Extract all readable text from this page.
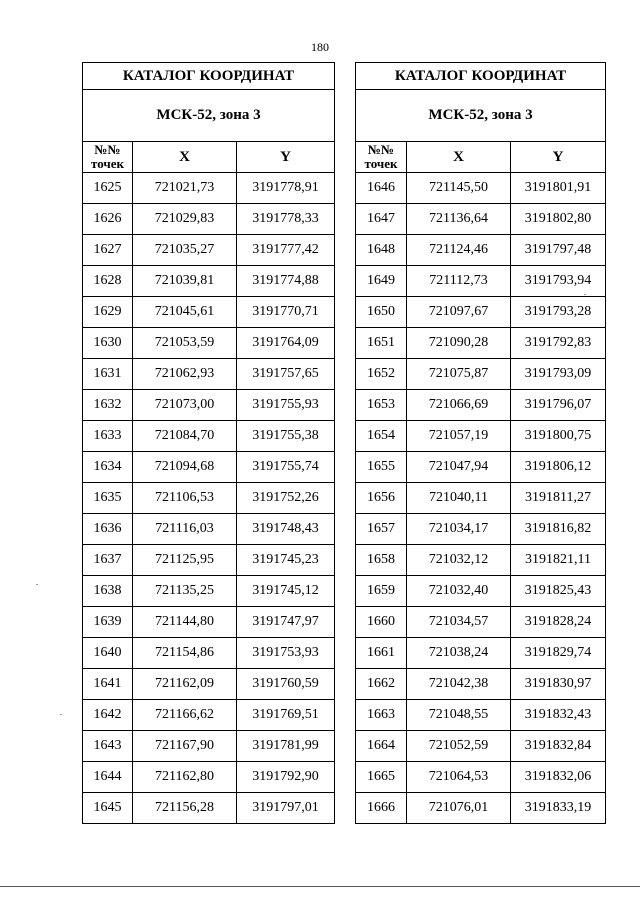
180
КАТАЛОГ КООРДИНАТ		
МСК-52, зона 3		
№№
точек	X	Y
1625	721021,73	3191778,91
1626	721029,83	3191778,33
1627	721035,27	3191777,42
1628	721039,81	3191774,88
1629	721045,61	3191770,71
1630	721053,59	3191764,09
1631	721062,93	3191757,65
1632	721073,00	3191755,93
1633	721084,70	3191755,38
1634	721094,68	3191755,74
1635	721106,53	3191752,26
1636	721116,03	3191748,43
1637	721125,95	3191745,23
1638	721135,25	3191745,12
1639	721144,80	3191747,97
1640	721154,86	3191753,93
1641	721162,09	3191760,59
1642	721166,62	3191769,51
1643	721167,90	3191781,99
1644	721162,80	3191792,90
1645	721156,28	3191797,01
КАТАЛОГ КООРДИНАТ		
МСК-52, зона 3		
№№
точек	X	Y
1646	721145,50	3191801,91
1647	721136,64	3191802,80
1648	721124,46	3191797,48
1649	721112,73	3191793,94
1650	721097,67	3191793,28
1651	721090,28	3191792,83
1652	721075,87	3191793,09
1653	721066,69	3191796,07
1654	721057,19	3191800,75
1655	721047,94	3191806,12
1656	721040,11	3191811,27
1657	721034,17	3191816,82
1658	721032,12	3191821,11
1659	721032,40	3191825,43
1660	721034,57	3191828,24
1661	721038,24	3191829,74
1662	721042,38	3191830,97
1663	721048,55	3191832,43
1664	721052,59	3191832,84
1665	721064,53	3191832,06
1666	721076,01	3191833,19
